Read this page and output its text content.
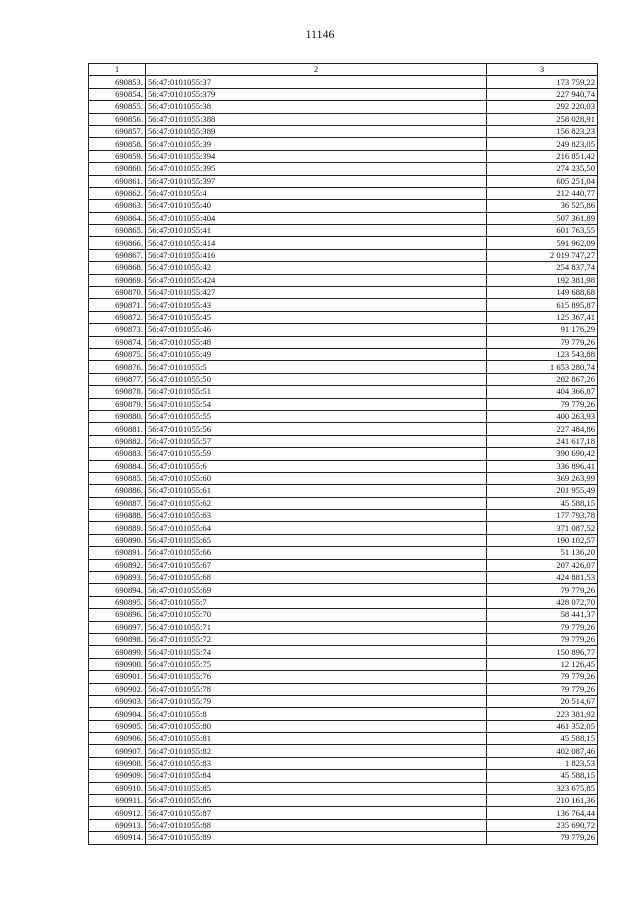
11146
1	2	3
690853.	56:47:0101055:37	173 759,22
690854.	56:47:0101055:379	227 940,74
690855.	56:47:0101055:38	292 220,03
690856.	56:47:0101055:388	258 028,91
690857.	56:47:0101055:389	156 823,23
690858.	56:47:0101055:39	249 823,05
690859.	56:47:0101055:394	216 851,42
690860.	56:47:0101055:395	274 235,50
690861.	56:47:0101055:397	605 251,04
690862.	56:47:0101055:4	212 440,77
690863.	56:47:0101055:40	36 525,86
690864.	56:47:0101055:404	507 361,89
690865.	56:47:0101055:41	601 763,55
690866.	56:47:0101055:414	591 962,09
690867.	56:47:0101055:416	2 019 747,27
690868.	56:47:0101055:42	254 837,74
690869.	56:47:0101055:424	192 381,98
690870.	56:47:0101055:427	149 688,68
690871.	56:47:0101055:43	615 895,87
690872.	56:47:0101055:45	125 367,41
690873.	56:47:0101055:46	91 176,29
690874.	56:47:0101055:48	79 779,26
690875.	56:47:0101055:49	123 543,88
690876.	56:47:0101055:5	1 653 280,74
690877.	56:47:0101055:50	202 867,26
690878.	56:47:0101055:51	404 366,87
690879.	56:47:0101055:54	79 779,26
690880.	56:47:0101055:55	400 263,93
690881.	56:47:0101055:56	227 484,86
690882.	56:47:0101055:57	241 617,18
690883.	56:47:0101055:59	390 690,42
690884.	56:47:0101055:6	336 896,41
690885.	56:47:0101055:60	369 263,99
690886.	56:47:0101055:61	201 955,49
690887.	56:47:0101055:62	45 588,15
690888.	56:47:0101055:63	177 793,78
690889.	56:47:0101055:64	371 087,52
690890.	56:47:0101055:65	190 102,57
690891.	56:47:0101055:66	51 136,20
690892.	56:47:0101055:67	207 426,07
690893.	56:47:0101055:68	424 881,53
690894.	56:47:0101055:69	79 779,26
690895.	56:47:0101055:7	428 072,70
690896.	56:47:0101055:70	58 441,37
690897.	56:47:0101055:71	79 779,26
690898.	56:47:0101055:72	79 779,26
690899.	56:47:0101055:74	150 896,77
690900.	56:47:0101055:75	12 126,45
690901.	56:47:0101055:76	79 779,26
690902.	56:47:0101055:78	79 779,26
690903.	56:47:0101055:79	20 514,67
690904.	56:47:0101055:8	223 381,92
690905.	56:47:0101055:80	461 352,05
690906.	56:47:0101055:81	45 588,15
690907.	56:47:0101055:82	402 087,46
690908.	56:47:0101055:83	1 823,53
690909.	56:47:0101055:84	45 588,15
690910.	56:47:0101055:85	323 675,85
690911.	56:47:0101055:86	210 161,36
690912.	56:47:0101055:87	136 764,44
690913.	56:47:0101055:88	235 690,72
690914.	56:47:0101055:89	79 779,26
